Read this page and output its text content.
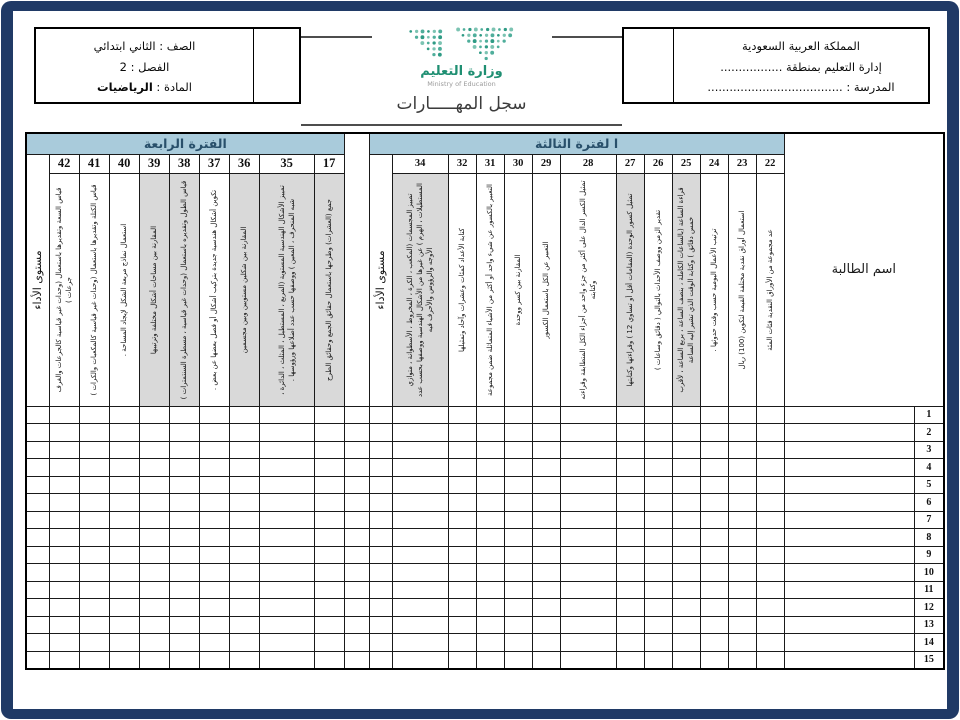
الصف : الثاني ابتدائي
الفصل : 2
المادة : الرياضيات
وزارة التعليم
Ministry of Education
سجل المهـــــارات
المملكة العربية السعودية
إدارة التعليم بمنطقة .................
المدرسة : .....................................
اسم الطالبة		ا لفترة الثالثة														الفترة الرابعة									
		22	23	24	25	26	27	28	29	30	31	32	34	مستوى الأداء		17	35	36	37	38	39	40	41	42	مستوى الأداء

		عد مجموعة من الأوراق النقدية فئات المئة	استعمال أوراق نقدية مختلفة القيمة لتكوين (100) ريال	ترتيب الأعمال اليومية حسب وقت حدوثها .	قراءة الساعة (بالساعات الكاملة ، بنصف الساعة ، بربع الساعة ، لأقرب خمس دقائق ) وكتابة الوقت الذي تشير إليه الساعة	تقدير الزمن ووصف الأحداث بالتوالي ( دقائق وساعات )	تمثيل كسور الوحدة (المقامات أقل أو تساوي 12 ) وقراءتها وكتابتها	تمثيل الكسر الدال على أكثر من جزء واحد من أجزاء الكل المتطابقة وقراءته وكتابته	التعبير عن الكل باستعمال الكسور	المقارنة بين كسر ووحدة	التعبير بالكسور عن شيء واحد أو أكثر من الأشياء المتماثلة ضمن مجموعة	كتابة الأعداد كمئات وعشرات وآحاد وتمثيلها	تمييز المجسمات (المكعب ، الكرة ، المخروط ، الأسطوانة ، متوازي المستطيلات ، الهرم ) عن غيرها من الأشكال الهندسية ووصفها بحسب عدد الأوجه والرؤوس والأحرف فيه			جمع (العشرات) وطرحها باستعمال حقائق الجمع وحقائق الطرح	تمييز الأشكال الهندسية المستوية (المربع ، المستطيل ، المثلث ، الدائرة ، شبه المنحرف ، المعين ) ووصفها حسب عدد أضلاعها ورؤوسها .	المقارنة بين شكلين مستويين وبين مجسمين	تكوين أشكال هندسية جديدة بتركيب أشكال أو فصل بعضها عن بعض .	قياس الطول وتقديره باستعمال (وحدات غير قياسية ، مسطرة السنتمترات )	المقارنة بين مساحات أشكال مختلفة وترتيبها	استعمال نماذج مربعة الشكل لإيجاد المساحة .	قياس الكتلة وتقديرها باستعمال (وحدات غير قياسية كالمكعبات والكرات )	قياس السعة وتقديرها باستعمال (وحدات غير قياسية كالجرعات والغرف جرعات )	

1																									
2																									
3																									
4																									
5																									
6																									
7																									
8																									
9																									
10																									
11																									
12																									
13																									
14																									
15																									
